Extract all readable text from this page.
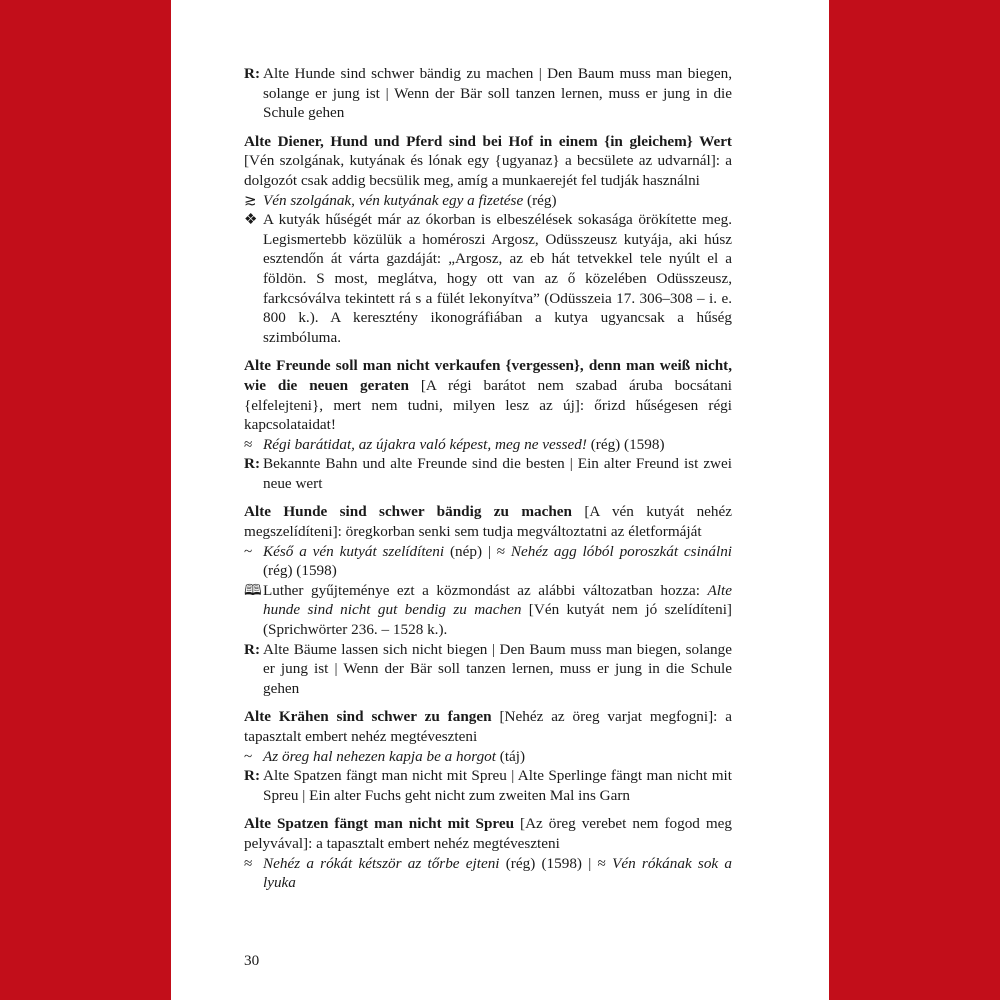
R: Alte Hunde sind schwer bändig zu machen | Den Baum muss man biegen, solange er jung ist | Wenn der Bär soll tanzen lernen, muss er jung in die Schule gehen

Alte Diener, Hund und Pferd sind bei Hof in einem {in gleichem} Wert [Vén szolgának, kutyának és lónak egy {ugyanaz} a becsülete az udvarnál]: a dolgozót csak addig becsülik meg, amíg a munkaerejét fel tudják használni

≳ Vén szolgának, vén kutyának egy a fizetése (rég)
❖ A kutyák hűségét már az ókorban is elbeszélések sokasága örökítette meg. Legismertebb közülük a homéroszi Argosz, Odüsszeusz kutyája, aki húsz esztendőn át várta gazdáját: „Argosz, az eb hát tetvekkel tele nyúlt el a földön. S most, meglátva, hogy ott van az ő közelében Odüsszeusz, farkcsóválva tekintett rá s a fülét lekonyítva” (Odüsszeia 17. 306–308 – i. e. 800 k.). A keresztény ikonográfiában a kutya ugyancsak a hűség szimbóluma.

Alte Freunde soll man nicht verkaufen {vergessen}, denn man weiß nicht, wie die neuen geraten [A régi barátot nem szabad áruba bocsátani {elfelejteni}, mert nem tudni, milyen lesz az új]: őrizd hűségesen régi kapcsolataidat!

≈ Régi barátidat, az újakra való képest, meg ne vessed! (rég) (1598)
R: Bekannte Bahn und alte Freunde sind die besten | Ein alter Freund ist zwei neue wert

Alte Hunde sind schwer bändig zu machen [A vén kutyát nehéz megszelídíteni]: öregkorban senki sem tudja megváltoztatni az életformáját

~ Késő a vén kutyát szelídíteni (nép) | ≈ Nehéz agg lóból poroszkát csinálni (rég) (1598)
🕮 Luther gyűjteménye ezt a közmondást az alábbi változatban hozza: Alte hunde sind nicht gut bendig zu machen [Vén kutyát nem jó szelídíteni] (Sprichwörter 236. – 1528 k.).
R: Alte Bäume lassen sich nicht biegen | Den Baum muss man biegen, solange er jung ist | Wenn der Bär soll tanzen lernen, muss er jung in die Schule gehen

Alte Krähen sind schwer zu fangen [Nehéz az öreg varjat megfogni]: a tapasztalt embert nehéz megtéveszteni

~ Az öreg hal nehezen kapja be a horgot (táj)
R: Alte Spatzen fängt man nicht mit Spreu | Alte Sperlinge fängt man nicht mit Spreu | Ein alter Fuchs geht nicht zum zweiten Mal ins Garn

Alte Spatzen fängt man nicht mit Spreu [Az öreg verebet nem fogod meg pelyvával]: a tapasztalt embert nehéz megtéveszteni

≈ Nehéz a rókát kétször az tőrbe ejteni (rég) (1598) | ≈ Vén rókának sok a lyuka
30
